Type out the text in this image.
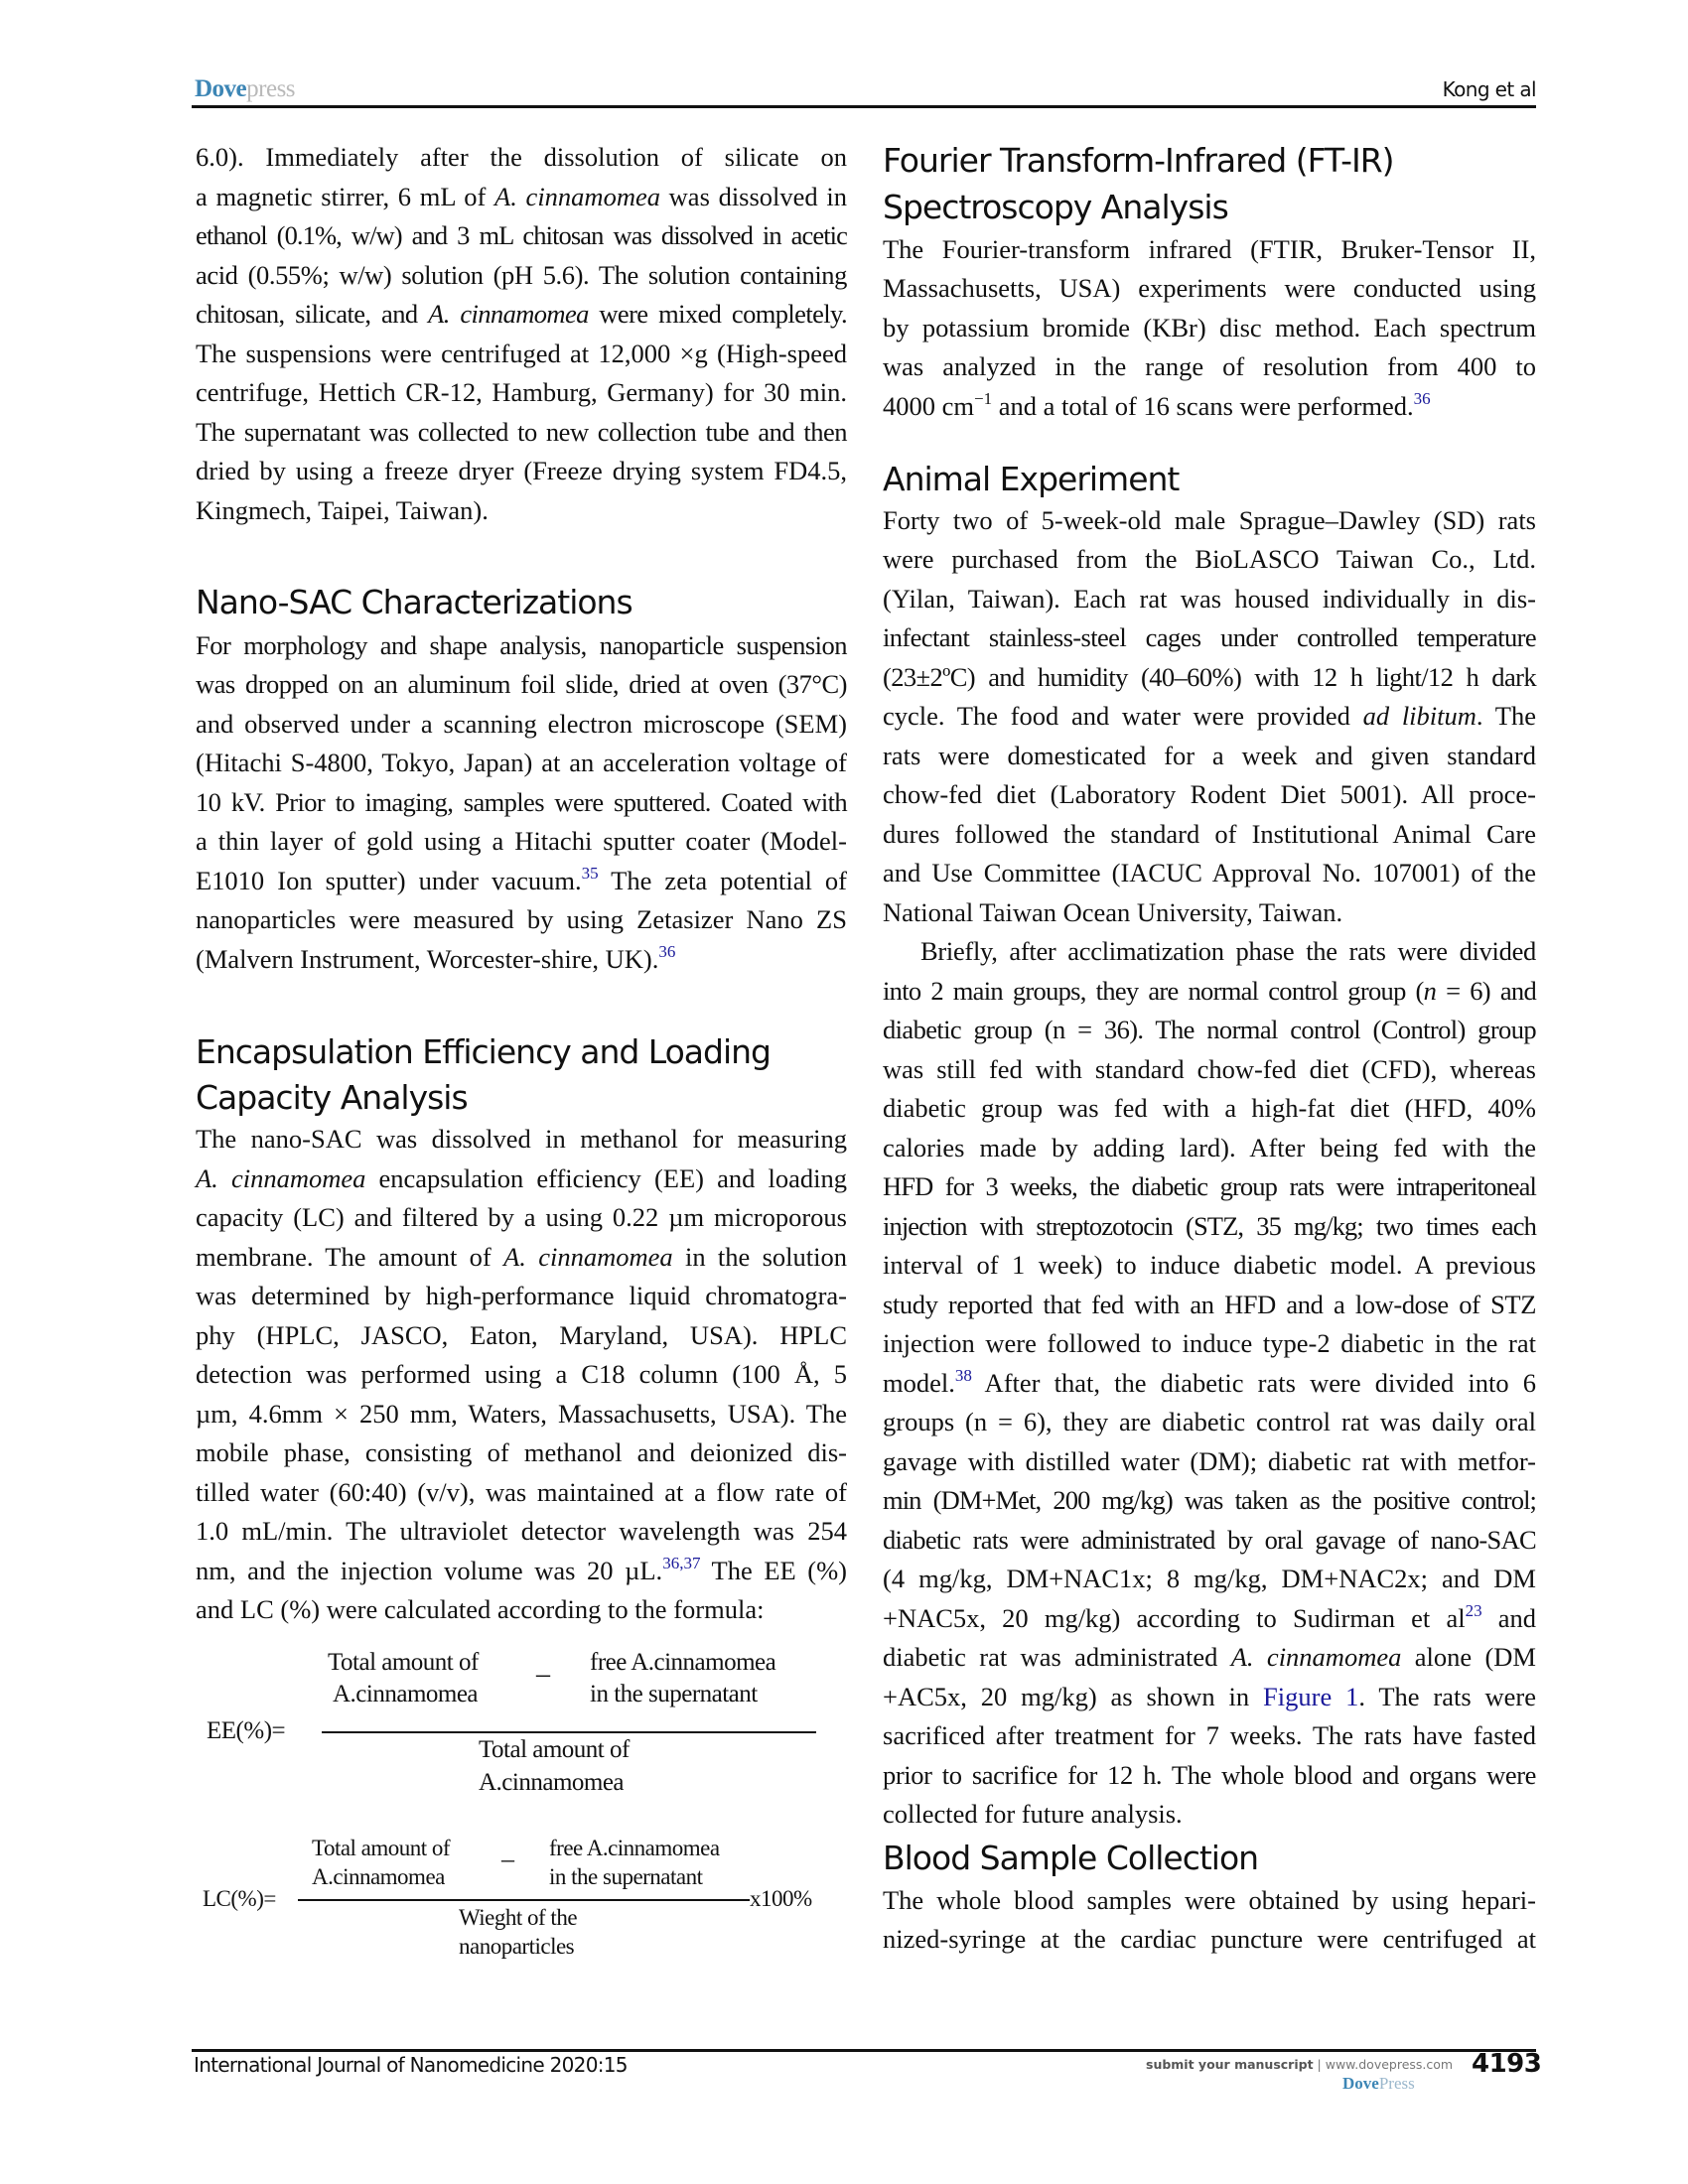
Dovepress	Kong et al
6.0). Immediately after the dissolution of silicate on
a magnetic stirrer, 6 mL of A. cinnamomea was dissolved in
ethanol (0.1%, w/w) and 3 mL chitosan was dissolved in acetic
acid (0.55%; w/w) solution (pH 5.6). The solution containing
chitosan, silicate, and A. cinnamomea were mixed completely.
The suspensions were centrifuged at 12,000 ×g (High-speed
centrifuge, Hettich CR-12, Hamburg, Germany) for 30 min.
The supernatant was collected to new collection tube and then
dried by using a freeze dryer (Freeze drying system FD4.5,
Kingmech, Taipei, Taiwan).
Nano-SAC Characterizations
For morphology and shape analysis, nanoparticle suspension
was dropped on an aluminum foil slide, dried at oven (37°C)
and observed under a scanning electron microscope (SEM)
(Hitachi S-4800, Tokyo, Japan) at an acceleration voltage of
10 kV. Prior to imaging, samples were sputtered. Coated with
a thin layer of gold using a Hitachi sputter coater (Model-
E1010 Ion sputter) under vacuum.$^{35}$ The zeta potential of
nanoparticles were measured by using Zetasizer Nano ZS
(Malvern Instrument, Worcester-shire, UK).$^{36}$
Encapsulation Efficiency and Loading
Capacity Analysis
The nano-SAC was dissolved in methanol for measuring
A. cinnamomea encapsulation efficiency (EE) and loading
capacity (LC) and filtered by a using 0.22 µm microporous
membrane. The amount of A. cinnamomea in the solution
was determined by high-performance liquid chromatogra-
phy (HPLC, JASCO, Eaton, Maryland, USA). HPLC
detection was performed using a C18 column (100 Å, 5
µm, 4.6mm × 250 mm, Waters, Massachusetts, USA). The
mobile phase, consisting of methanol and deionized dis-
tilled water (60:40) (v/v), was maintained at a flow rate of
1.0 mL/min. The ultraviolet detector wavelength was 254
nm, and the injection volume was 20 µL.$^{36,37}$ The EE (%)
and LC (%) were calculated according to the formula:
Total amount of
A.cinnamomea
– free A.cinnamomea
in the supernatant
EE(%)=
Total amount of
A.cinnamomea
Total amount of
A.cinnamomea
– free A.cinnamomea
in the supernatant
LC(%)=	x100%
Wieght of the
nanoparticles
Fourier Transform-Infrared (FT-IR)
Spectroscopy Analysis
The Fourier-transform infrared (FTIR, Bruker-Tensor II,
Massachusetts, USA) experiments were conducted using
by potassium bromide (KBr) disc method. Each spectrum
was analyzed in the range of resolution from 400 to
4000 $cm^{-1}$ and a total of 16 scans were performed.$^{36}$
Animal Experiment
Forty two of 5-week-old male Sprague–Dawley (SD) rats
were purchased from the BioLASCO Taiwan Co., Ltd.
(Yilan, Taiwan). Each rat was housed individually in dis-
infectant stainless-steel cages under controlled temperature
(23±2ºC) and humidity (40–60%) with 12 h light/12 h dark
cycle. The food and water were provided ad libitum. The
rats were domesticated for a week and given standard
chow-fed diet (Laboratory Rodent Diet 5001). All proce-
dures followed the standard of Institutional Animal Care
and Use Committee (IACUC Approval No. 107001) of the
National Taiwan Ocean University, Taiwan.
Briefly, after acclimatization phase the rats were divided
into 2 main groups, they are normal control group (n = 6) and
diabetic group (n = 36). The normal control (Control) group
was still fed with standard chow-fed diet (CFD), whereas
diabetic group was fed with a high-fat diet (HFD, 40%
calories made by adding lard). After being fed with the
HFD for 3 weeks, the diabetic group rats were intraperitoneal
injection with streptozotocin (STZ, 35 mg/kg; two times each
interval of 1 week) to induce diabetic model. A previous
study reported that fed with an HFD and a low-dose of STZ
injection were followed to induce type-2 diabetic in the rat
model.$^{38}$ After that, the diabetic rats were divided into 6
groups (n = 6), they are diabetic control rat was daily oral
gavage with distilled water (DM); diabetic rat with metfor-
min (DM+Met, 200 mg/kg) was taken as the positive control;
diabetic rats were administrated by oral gavage of nano-SAC
(4 mg/kg, DM+NAC1x; 8 mg/kg, DM+NAC2x; and DM
+NAC5x, 20 mg/kg) according to Sudirman et $al^{23}$ and
diabetic rat was administrated A. cinnamomea alone (DM
+AC5x, 20 mg/kg) as shown in Figure 1. The rats were
sacrificed after treatment for 7 weeks. The rats have fasted
prior to sacrifice for 12 h. The whole blood and organs were
collected for future analysis.
Blood Sample Collection
The whole blood samples were obtained by using hepari-
nized-syringe at the cardiac puncture were centrifuged at
International Journal of Nanomedicine 2020:15	submit your manuscript | www.dovepress.com 4193
DovePress
